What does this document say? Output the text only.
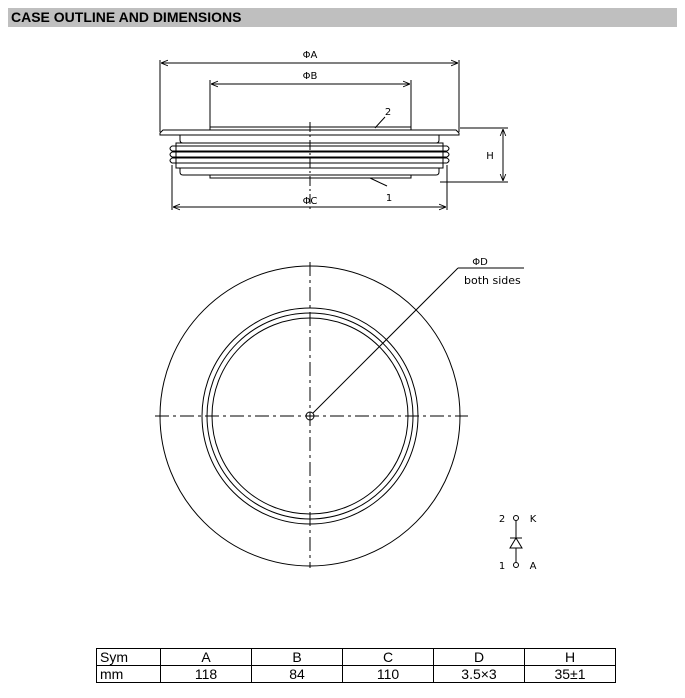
CASE OUTLINE AND DIMENSIONS
ΦA
ΦB
ΦC
H
2
1
ΦD
both sides
2 K
1 A
Sym	A	B	C	D	H
mm	118	84	110	3.5×3	35±1
